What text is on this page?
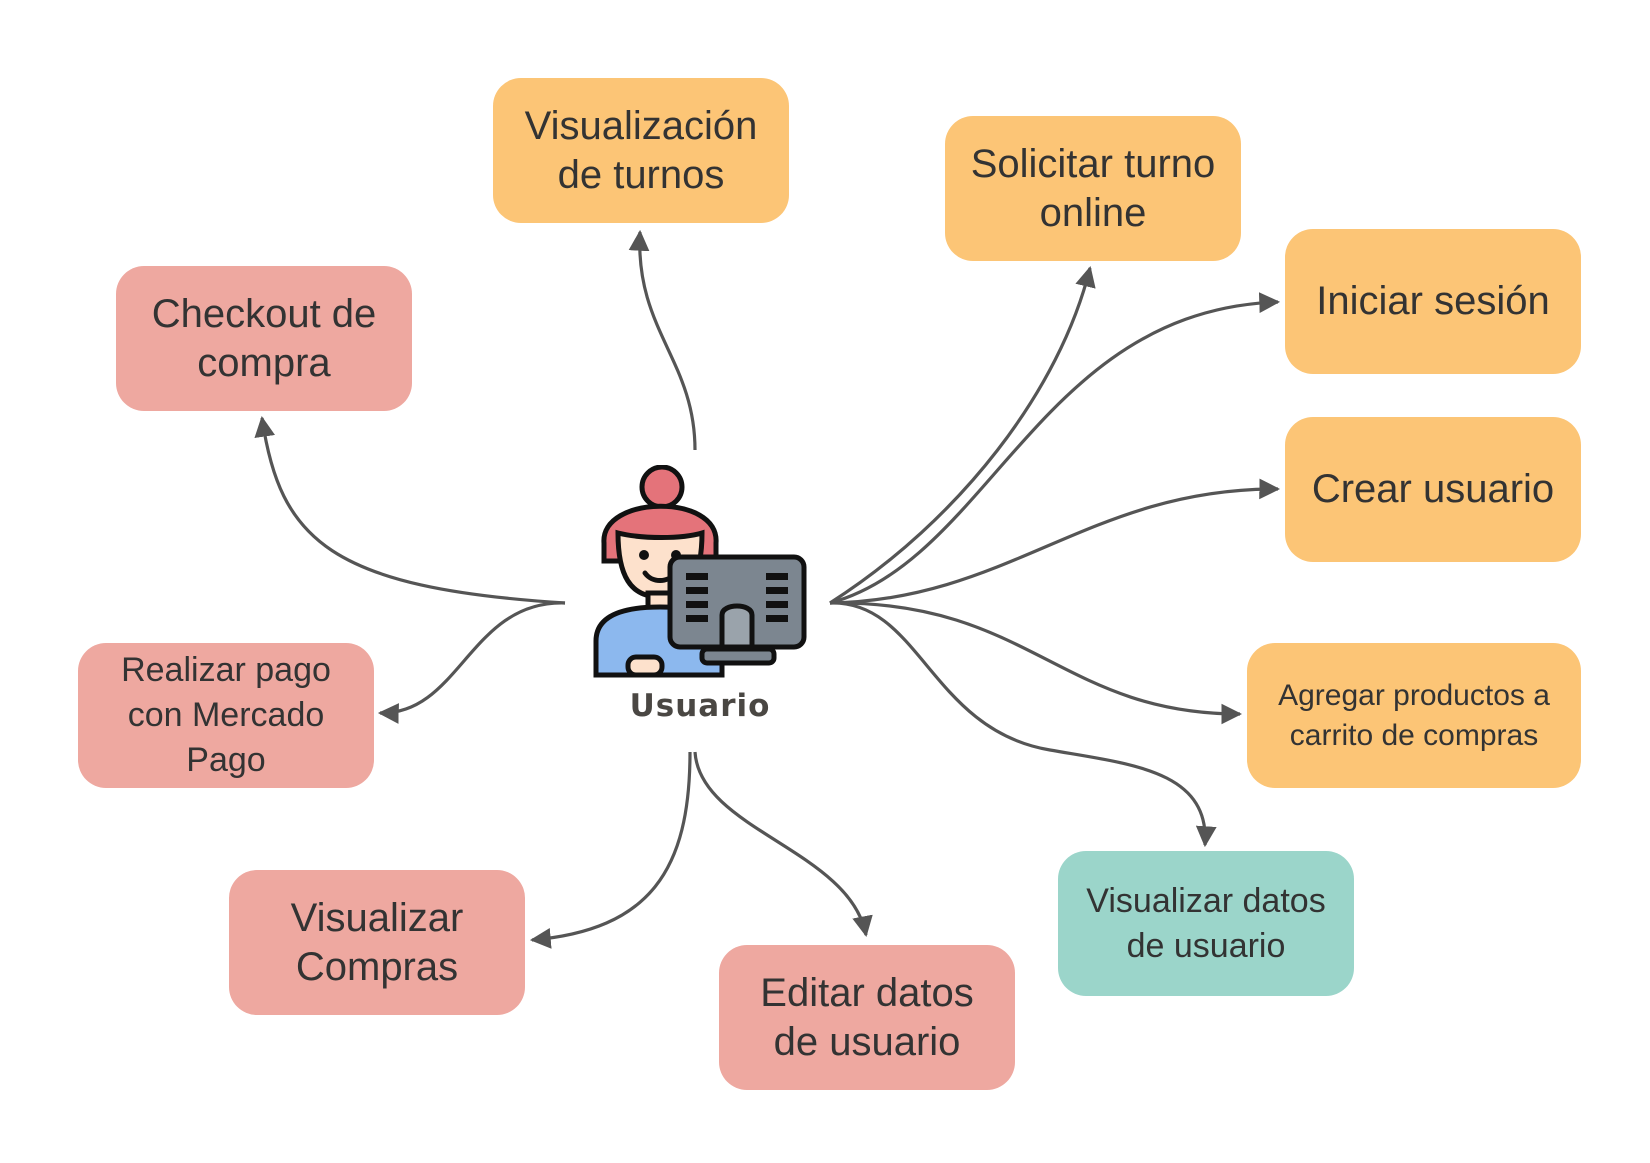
Usuario
Visualización
de turnos	Solicitar turno
online
Iniciar sesión
Crear usuario
Agregar productos a
carrito de compras
Visualizar datos
de usuario
Editar datos
de usuario
Visualizar
Compras
Realizar pago
con Mercado
Pago
Checkout de
compra
